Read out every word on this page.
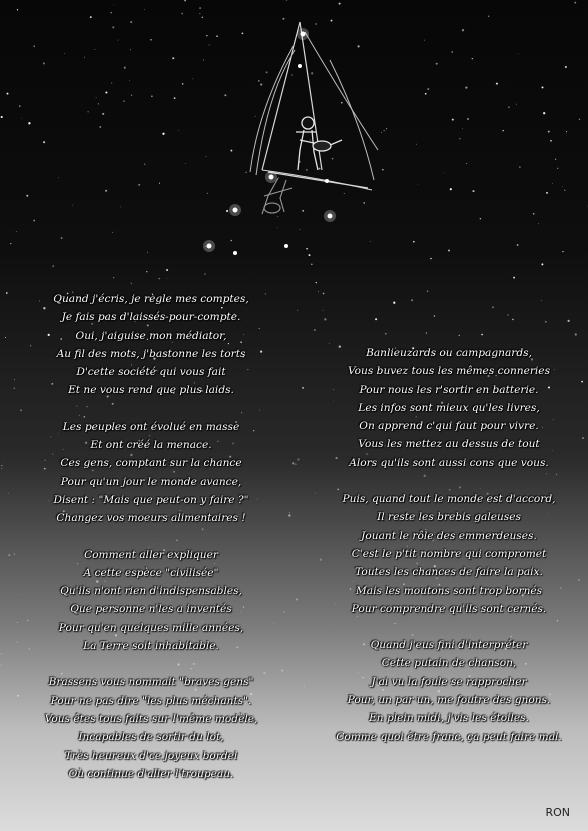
Quand j'écris, je règle mes comptes,
Je fais pas d'laissés-pour-compte.
Oui, j'aiguise mon médiator,
Au fil des mots, j'bastonne les torts
D'cette société qui vous fait
Et ne vous rend que plus laids.
Les peuples ont évolué en masse
Et ont créé la menace.
Ces gens, comptant sur la chance
Pour qu'un jour le monde avance,
Disent : "Mais que peut-on y faire ?"
Changez vos moeurs alimentaires !
Comment aller expliquer
A cette espèce "civilisée"
Qu'ils n'ont rien d'indispensables,
Que personne n'les a inventés
Pour qu'en quelques mille années,
La Terre soit inhabitable.
Brassens vous nommait "braves gens"
Pour ne pas dire "les plus méchants".
Vous êtes tous faits sur l'même modèle,
Incapables de sortir du lot,
Très heureux d'ce joyeux bordel
Où continue d'aller l'troupeau.
Banlieuzards ou campagnards,
Vous buvez tous les mêmes conneries
Pour nous les r'sortir en batterie.
Les infos sont mieux qu'les livres,
On apprend c'qui faut pour vivre.
Vous les mettez au dessus de tout
Alors qu'ils sont aussi cons que vous.
Puis, quand tout le monde est d'accord,
Il reste les brebis galeuses
Jouant le rôle des emmerdeuses.
C'est le p'tit nombre qui compromet
Toutes les chances de faire la paix.
Mais les moutons sont trop bornés
Pour comprendre qu'ils sont cernés.
Quand j'eus fini d'interpréter
Cette putain de chanson,
J'ai vu la foule se rapprocher
Pour, un par un, me foutre des gnons.
En plein midi, j'vis les étoiles.
Comme quoi être franc, ça peut faire mal.
RON
